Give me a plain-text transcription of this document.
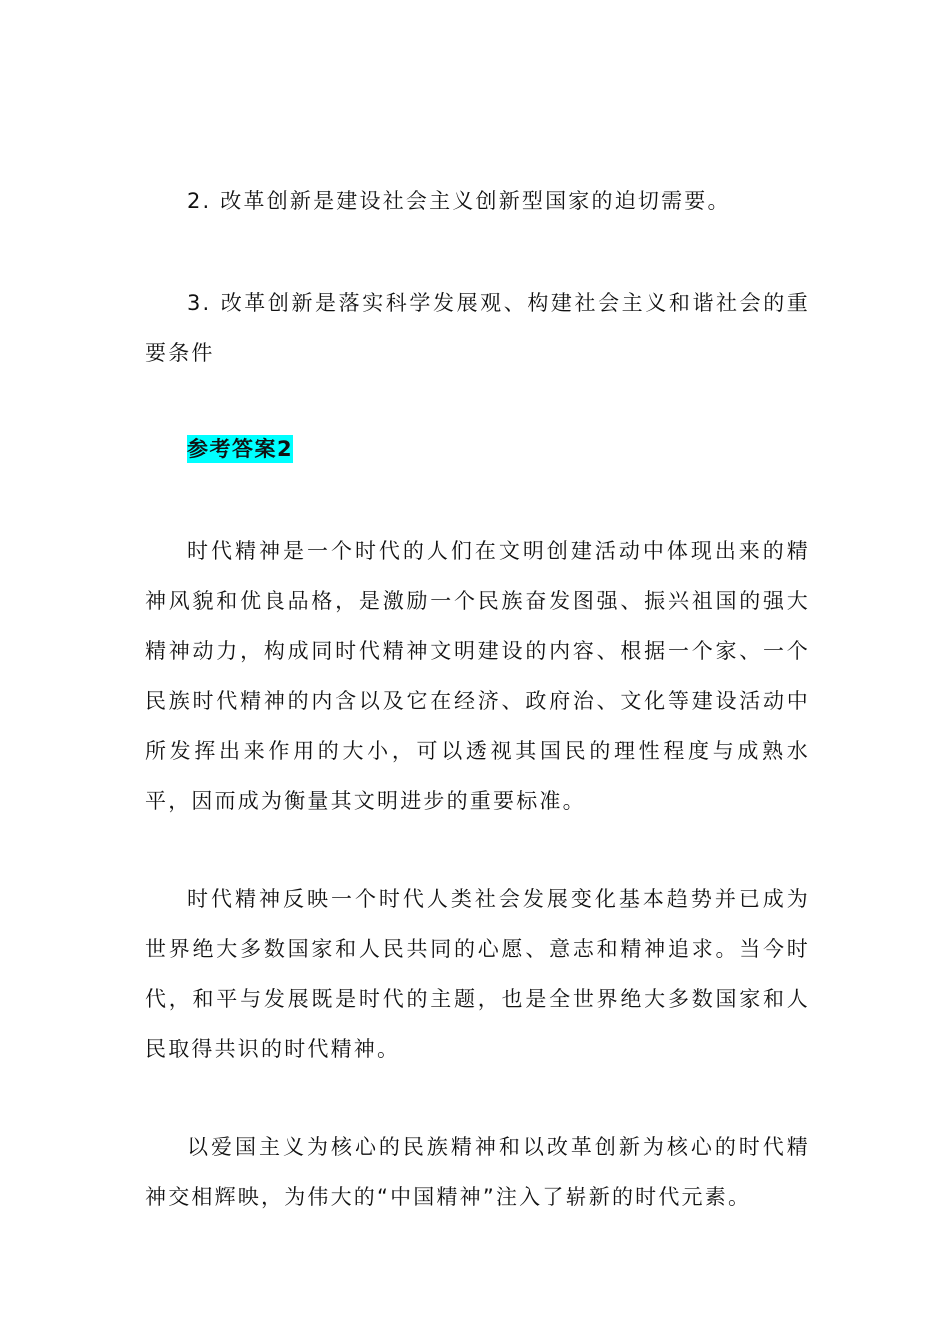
2. 改革创新是建设社会主义创新型国家的迫切需要。

3. 改革创新是落实科学发展观、构建社会主义和谐社会的重要条件

参考答案2

时代精神是一个时代的人们在文明创建活动中体现出来的精神风貌和优良品格，是激励一个民族奋发图强、振兴祖国的强大精神动力，构成同时代精神文明建设的内容、根据一个家、一个民族时代精神的内含以及它在经济、政府治、文化等建设活动中所发挥出来作用的大小，可以透视其国民的理性程度与成熟水平，因而成为衡量其文明进步的重要标准。

时代精神反映一个时代人类社会发展变化基本趋势并已成为世界绝大多数国家和人民共同的心愿、意志和精神追求。当今时代，和平与发展既是时代的主题，也是全世界绝大多数国家和人民取得共识的时代精神。

以爱国主义为核心的民族精神和以改革创新为核心的时代精神交相辉映，为伟大的“中国精神”注入了崭新的时代元素。
